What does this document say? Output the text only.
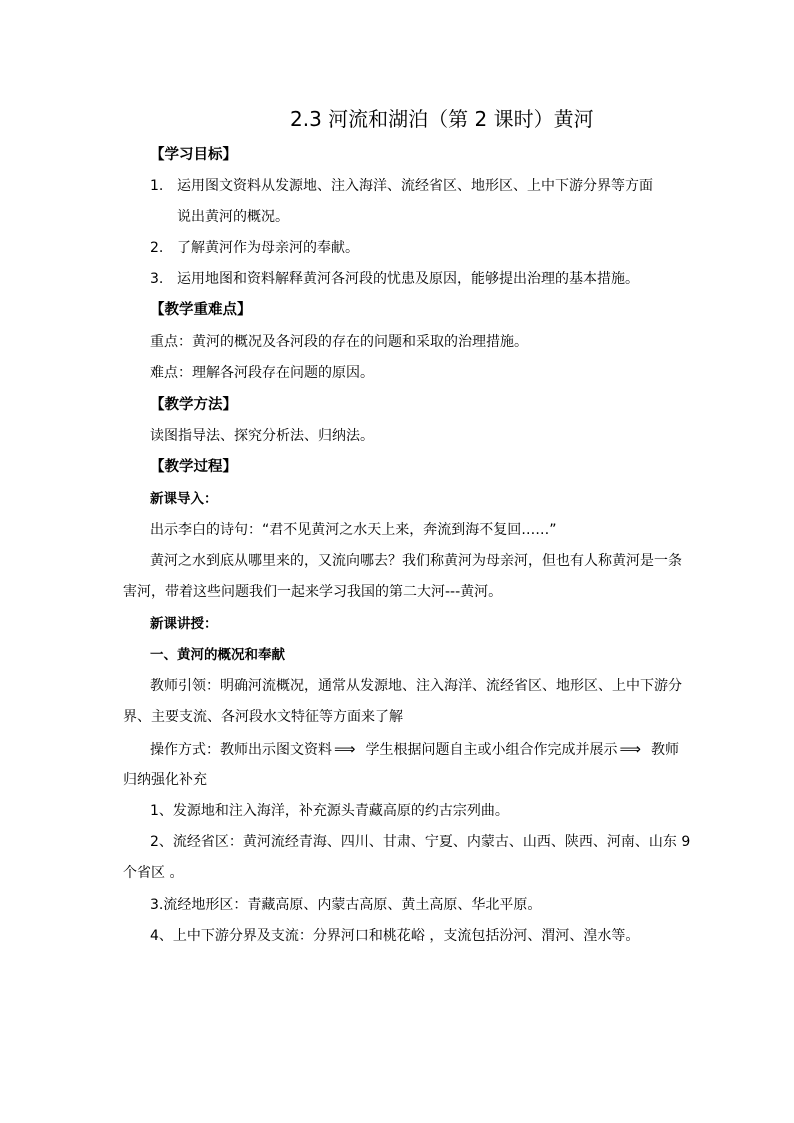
2.3 河流和湖泊（第 2 课时）黄河
【学习目标】
1. 运用图文资料从发源地、注入海洋、流经省区、地形区、上中下游分界等方面
说出黄河的概况。
2. 了解黄河作为母亲河的奉献。
3. 运用地图和资料解释黄河各河段的忧患及原因，能够提出治理的基本措施。
【教学重难点】
重点：黄河的概况及各河段的存在的问题和采取的治理措施。
难点：理解各河段存在问题的原因。
【教学方法】
读图指导法、探究分析法、归纳法。
【教学过程】
新课导入：
出示李白的诗句：“君不见黄河之水天上来，奔流到海不复回……”
黄河之水到底从哪里来的，又流向哪去？我们称黄河为母亲河，但也有人称黄河是一条
害河，带着这些问题我们一起来学习我国的第二大河---黄河。
新课讲授：
一、黄河的概况和奉献
教师引领：明确河流概况，通常从发源地、注入海洋、流经省区、地形区、上中下游分
界、主要支流、各河段水文特征等方面来了解
操作方式：教师出示图文资料 ⟹ 学生根据问题自主或小组合作完成并展示 ⟹ 教师
归纳强化补充
1、发源地和注入海洋，补充源头青藏高原的约古宗列曲。
2、流经省区：黄河流经青海、四川、甘肃、宁夏、内蒙古、山西、陕西、河南、山东 9
个省区 。
3.流经地形区：青藏高原、内蒙古高原、黄土高原、华北平原。
4、上中下游分界及支流：分界河口和桃花峪 ，支流包括汾河、渭河、湟水等。
